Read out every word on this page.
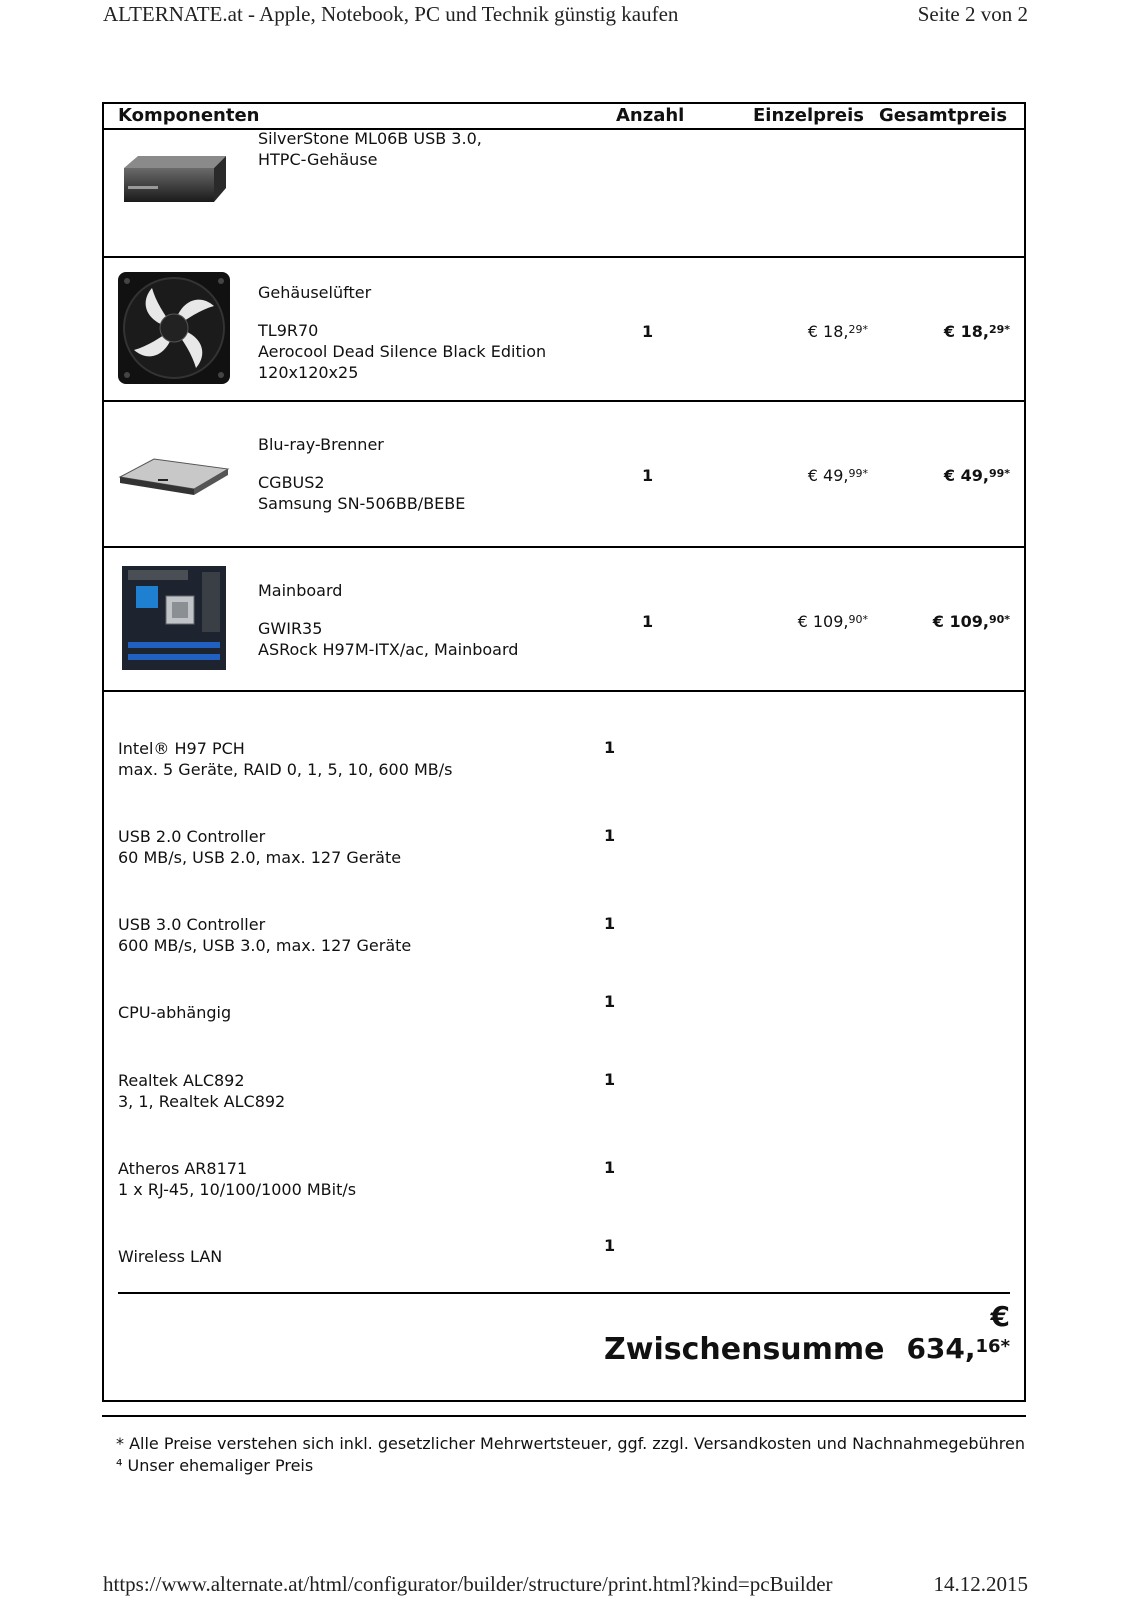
ALTERNATE.at - Apple, Notebook, PC und Technik günstig kaufen	Seite 2 von 2
Komponenten	Anzahl	Einzelpreis Gesamtpreis
SilverStone ML06B USB 3.0, HTPC-Gehäuse
Gehäuselüfter
TL9R70
Aerocool Dead Silence Black Edition
120x120x25
1	€ 18,$^{29*}$	€ 18,$^{29*}$
Blu-ray-Brenner
CGBUS2
Samsung SN-506BB/BEBE
1	€ 49,$^{99*}$	€ 49,$^{99*}$
Mainboard
GWIR35
ASRock H97M-ITX/ac, Mainboard
1	€ 109,$^{90*}$	€ 109,$^{90*}$
Intel® H97 PCH
max. 5 Geräte, RAID 0, 1, 5, 10, 600 MB/s
1
USB 2.0 Controller
60 MB/s, USB 2.0, max. 127 Geräte
1
USB 3.0 Controller
600 MB/s, USB 3.0, max. 127 Geräte
1
CPU-abhängig
1
Realtek ALC892
3, 1, Realtek ALC892
1
Atheros AR8171
1 x RJ-45, 10/100/1000 MBit/s
1
Wireless LAN
1
Zwischensumme
€
634,$^{16*}$
* Alle Preise verstehen sich inkl. gesetzlicher Mehrwertsteuer, ggf. zzgl. Versandkosten und Nachnahmegebühren
⁴ Unser ehemaliger Preis
https://www.alternate.at/html/configurator/builder/structure/print.html?kind=pcBuilder	14.12.2015
